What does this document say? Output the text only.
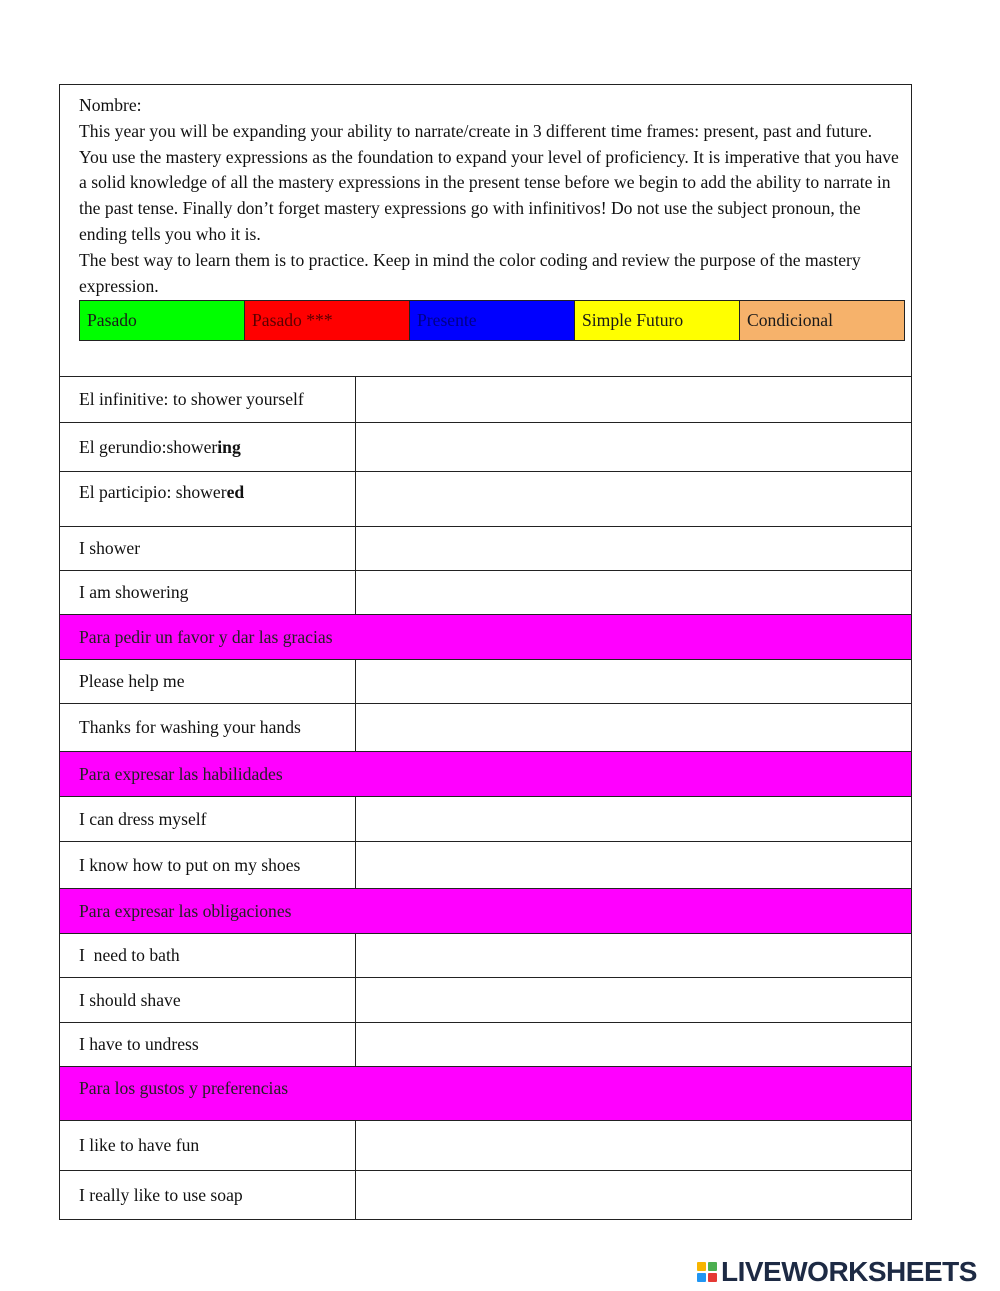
Nombre:

This year you will be expanding your ability to narrate/create in 3 different time frames: present, past and future. You use the mastery expressions as the foundation to expand your level of proficiency. It is imperative that you have a solid knowledge of all the mastery expressions in the present tense before we begin to add the ability to narrate in the past tense. Finally don’t forget mastery expressions go with infinitivos! Do not use the subject pronoun, the ending tells you who it is.

The best way to learn them is to practice. Keep in mind the color coding and review the purpose of the mastery expression.

Pasado	Pasado ***	Presente	Simple Futuro	Condicional
El infinitive: to shower yourself
El gerundio:shower ing
El participio: shower ed
I shower
I am showering
Para pedir un favor y dar las gracias
Please help me
Thanks for washing your hands
Para expresar las habilidades
I can dress myself
I know how to put on my shoes
Para expresar las obligaciones
I  need to bath
I should shave
I have to undress
Para los gustos y preferencias
I like to have fun
I really like to use soap
LIVEWORKSHEETS
